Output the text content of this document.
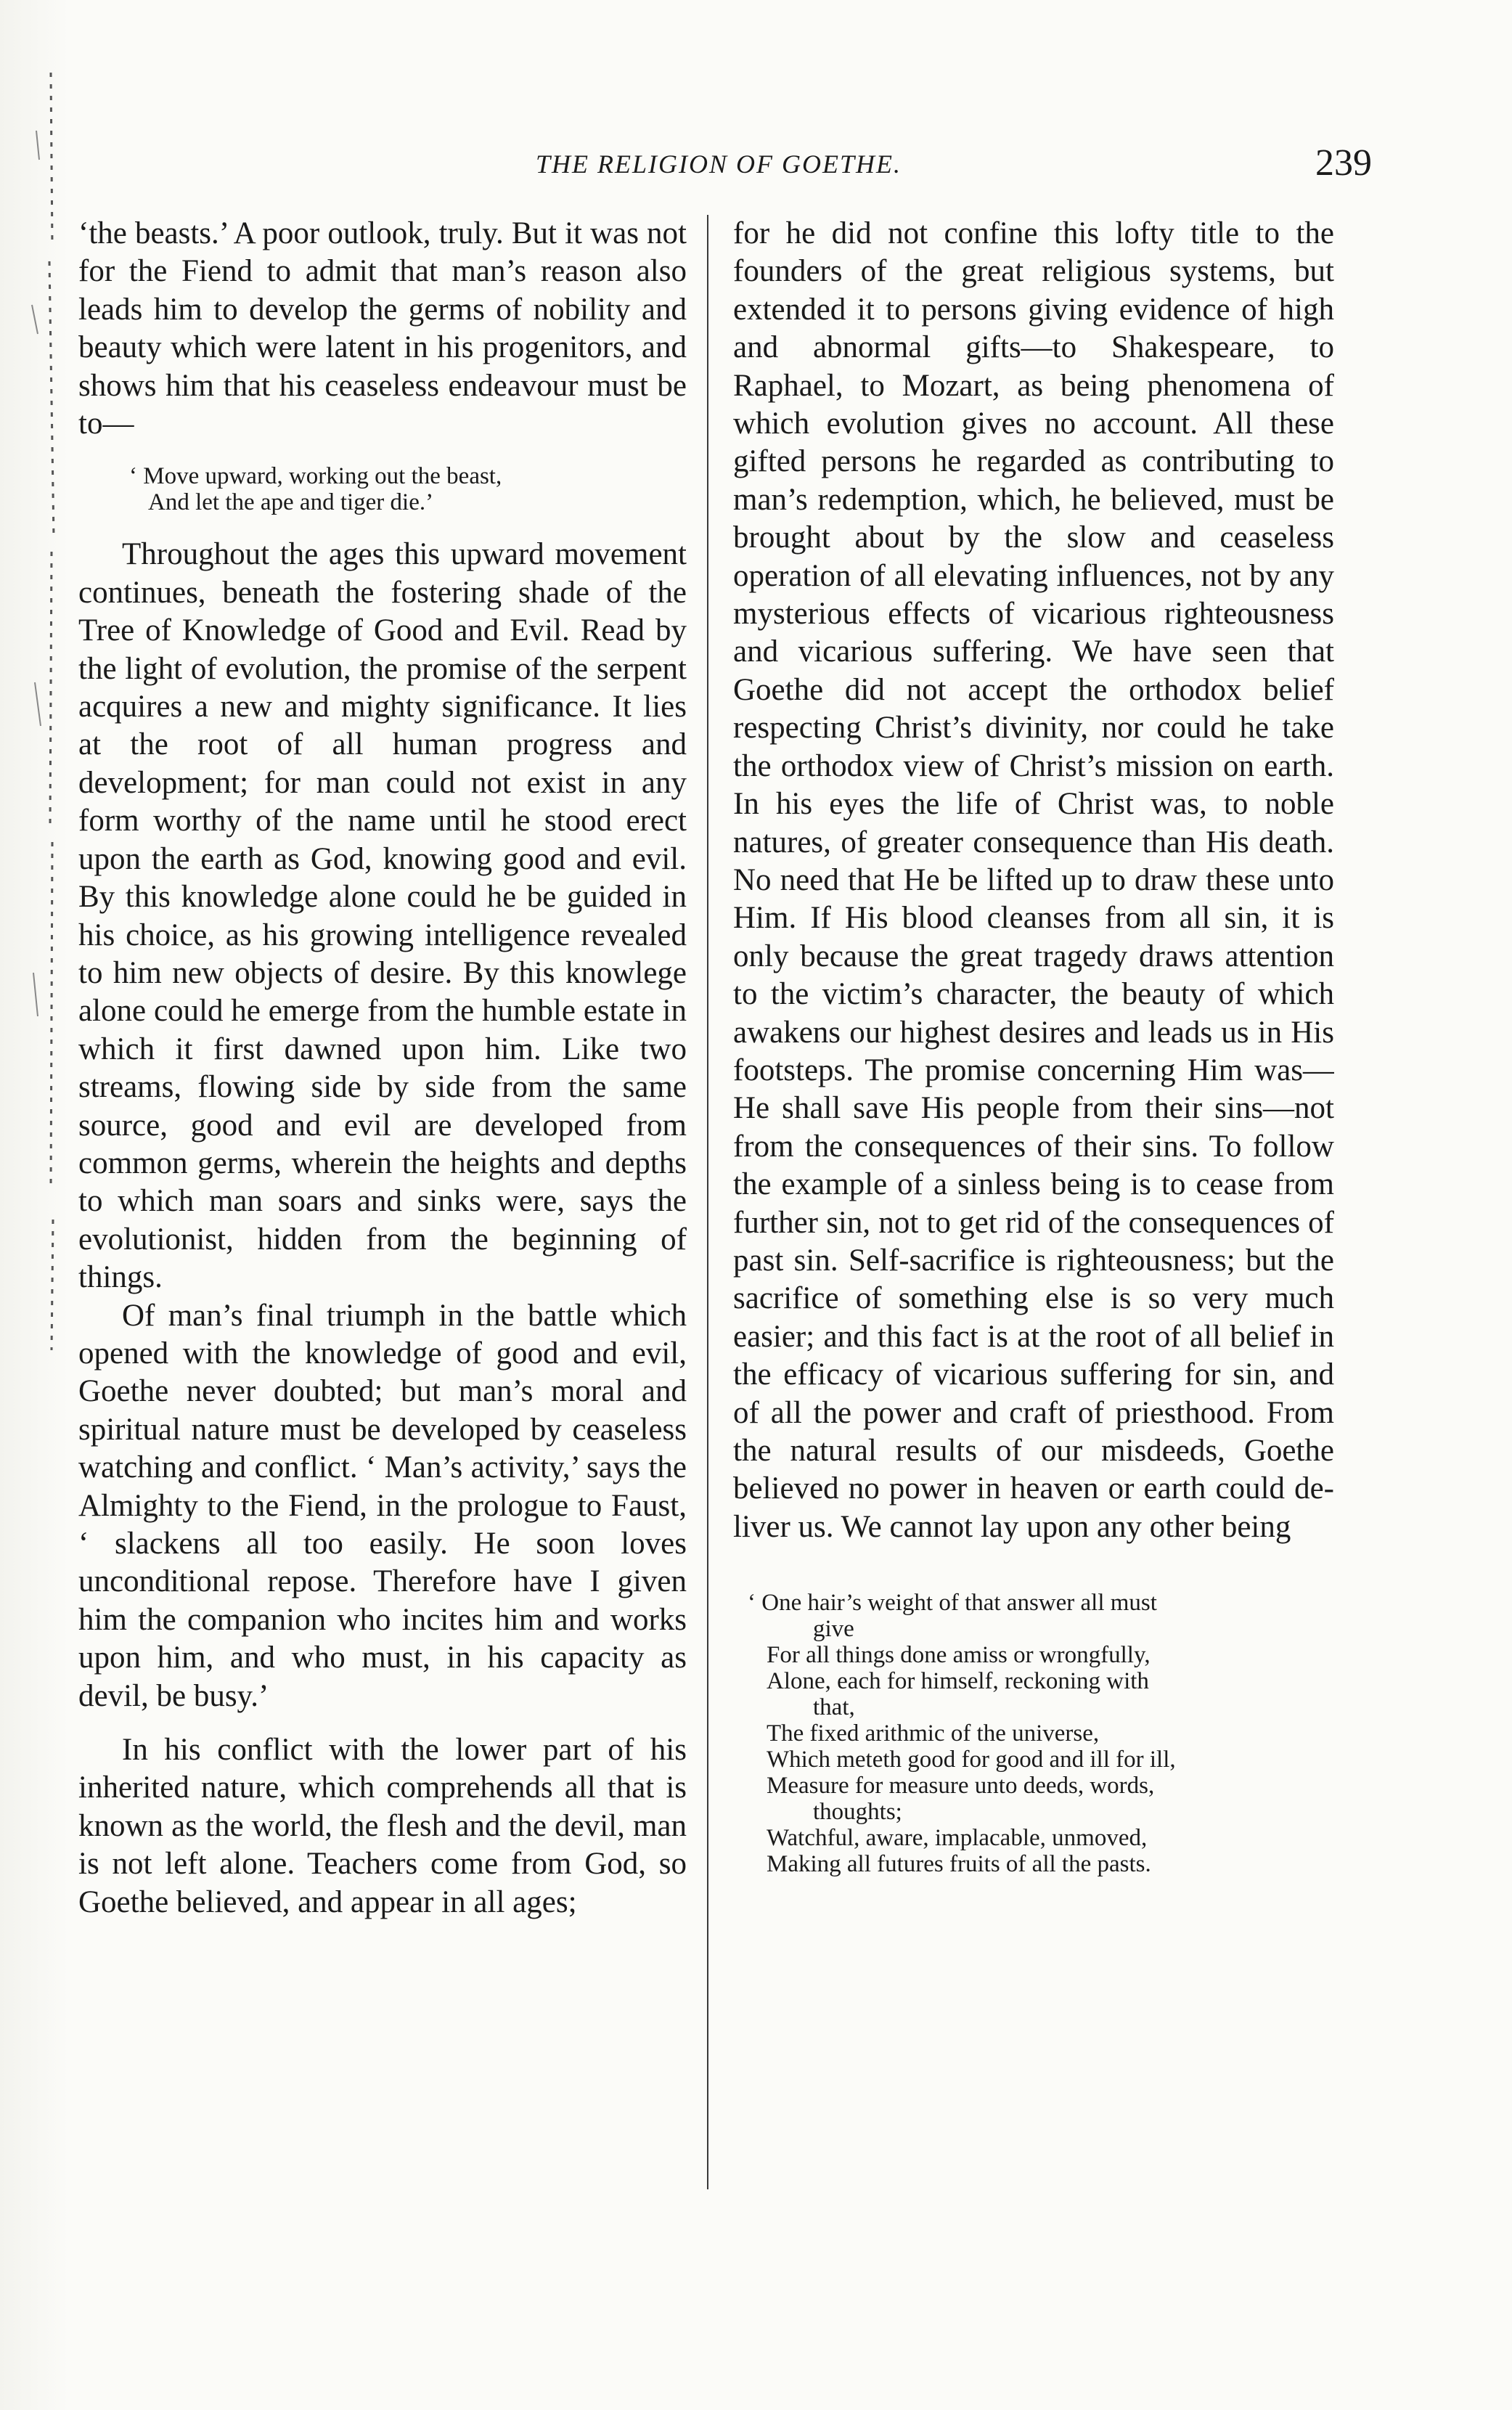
THE RELIGION OF GOETHE.	239

‘the beasts.’ A poor outlook, truly. But it was not for the Fiend to admit that man’s reason also leads him to develop the germs of nobility and beauty which were latent in his progenitors, and shows him that his ceaseless endeavour must be to—

‘ Move upward, working out the beast,
And let the ape and tiger die.’

Throughout the ages this upward movement continues, beneath the fostering shade of the Tree of Knowledge of Good and Evil. Read by the light of evolution, the promise of the serpent acquires a new and mighty significance. It lies at the root of all human progress and development; for man could not exist in any form worthy of the name until he stood erect upon the earth as God, knowing good and evil. By this knowledge alone could he be guided in his choice, as his growing intelligence revealed to him new objects of desire. By this knowlege alone could he emerge from the humble estate in which it first dawned upon him. Like two streams, flowing side by side from the same source, good and evil are developed from common germs, wherein the heights and depths to which man soars and sinks were, says the evolutionist, hidden from the beginning of things.

Of man’s final triumph in the battle which opened with the knowledge of good and evil, Goethe never doubted; but man’s moral and spiritual nature must be developed by ceaseless watching and conflict. ‘ Man’s activity,’ says the Almighty to the Fiend, in the prologue to Faust, ‘ slackens all too easily. He soon loves unconditional repose. Therefore have I given him the companion who incites him and works upon him, and who must, in his capacity as devil, be busy.’

In his conflict with the lower part of his inherited nature, which comprehends all that is known as the world, the flesh and the devil, man is not left alone. Teachers come from God, so Goethe believed, and appear in all ages;

for he did not confine this lofty title to the founders of the great religious systems, but extended it to persons giving evidence of high and abnormal gifts—to Shakespeare, to Raphael, to Mozart, as being phenomena of which evolution gives no account. All these gifted persons he regarded as contributing to man’s redemption, which, he believed, must be brought about by the slow and ceaseless operation of all elevating influences, not by any mysterious effects of vicarious righteousness and vicarious suffering. We have seen that Goethe did not accept the orthodox belief respecting Christ’s divinity, nor could he take the orthodox view of Christ’s mission on earth. In his eyes the life of Christ was, to noble natures, of greater consequence than His death. No need that He be lifted up to draw these unto Him. If His blood cleanses from all sin, it is only because the great tragedy draws attention to the victim’s character, the beauty of which awakens our highest desires and leads us in His footsteps. The promise concerning Him was— He shall save His people from their sins—not from the consequences of their sins. To follow the example of a sinless being is to cease from further sin, not to get rid of the consequences of past sin. Self-sacrifice is righteousness; but the sacrifice of something else is so very much easier; and this fact is at the root of all belief in the efficacy of vicarious suffering for sin, and of all the power and craft of priesthood. From the natural results of our misdeeds, Goethe believed no power in heaven or earth could deliver us. We cannot lay upon any other being

‘ One hair’s weight of that answer all must
give
For all things done amiss or wrongfully,
Alone, each for himself, reckoning with
that,
The fixed arithmic of the universe,
Which meteth good for good and ill for ill,
Measure for measure unto deeds, words,
thoughts;
Watchful, aware, implacable, unmoved,
Making all futures fruits of all the pasts.
